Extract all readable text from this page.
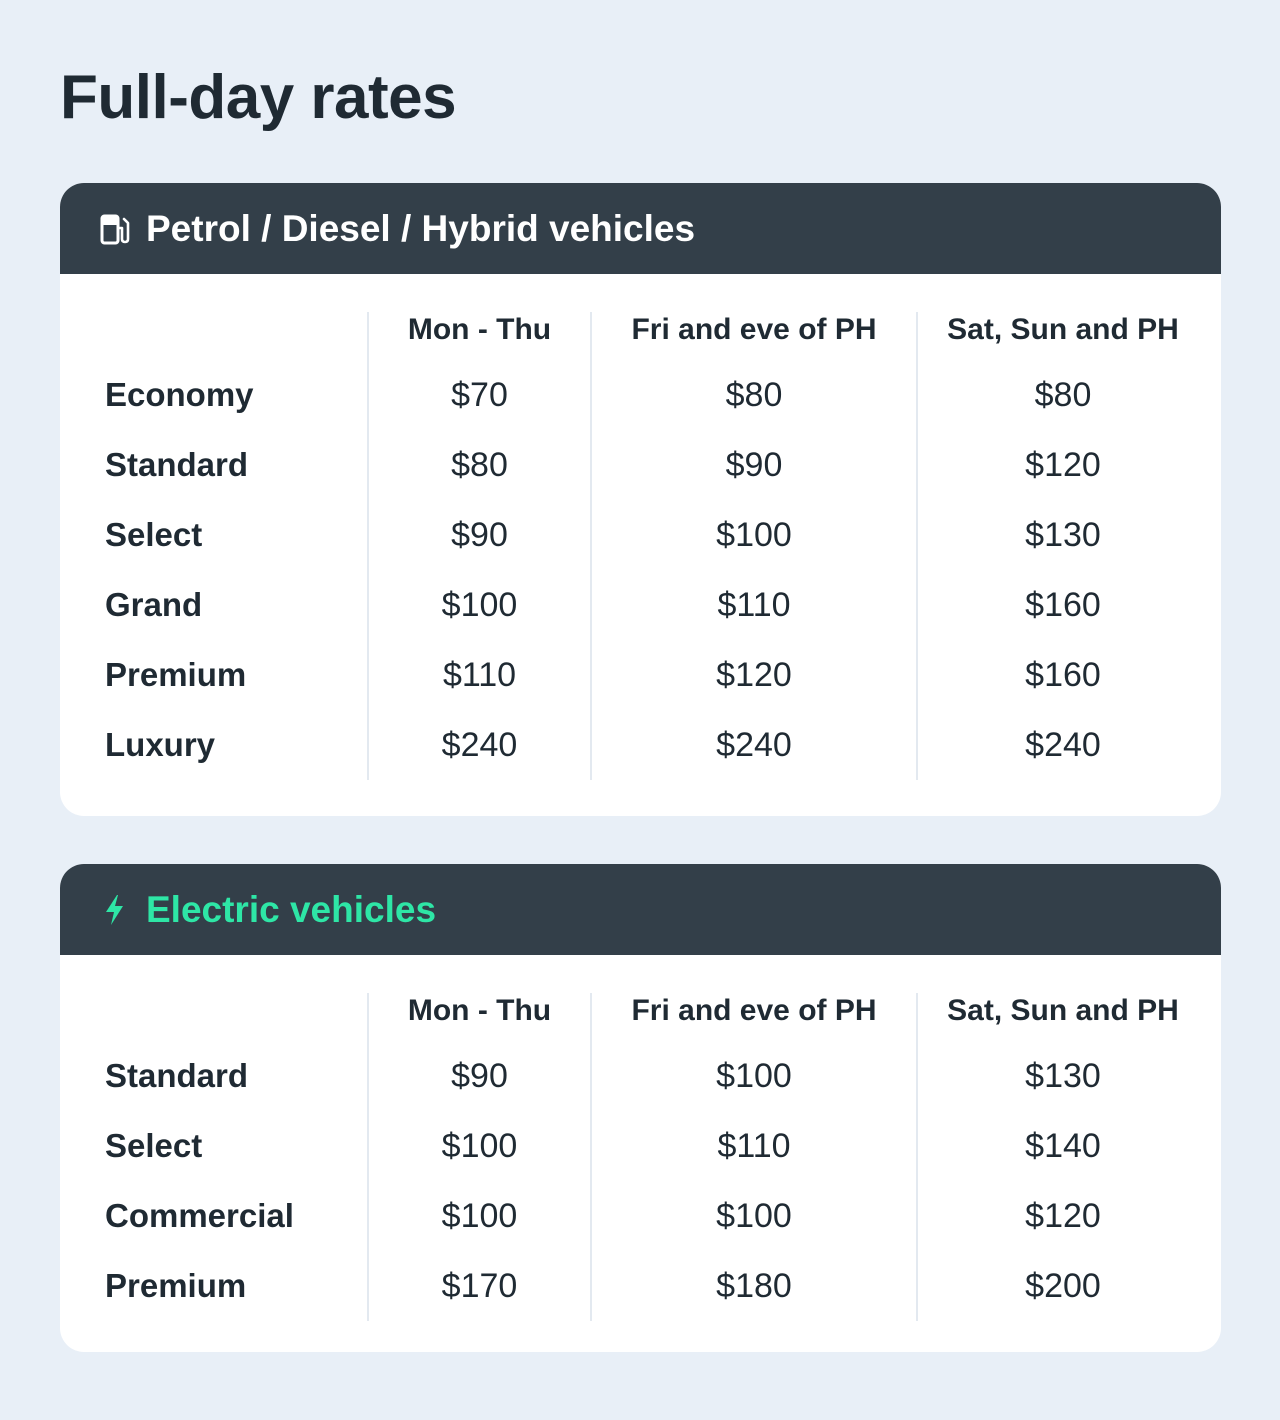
Full-day rates
Petrol / Diesel / Hybrid vehicles
	Mon - Thu	Fri and eve of PH	Sat, Sun and PH
Economy	$70	$80	$80
Standard	$80	$90	$120
Select	$90	$100	$130
Grand	$100	$110	$160
Premium	$110	$120	$160
Luxury	$240	$240	$240
Electric vehicles
	Mon - Thu	Fri and eve of PH	Sat, Sun and PH
Standard	$90	$100	$130
Select	$100	$110	$140
Commercial	$100	$100	$120
Premium	$170	$180	$200
